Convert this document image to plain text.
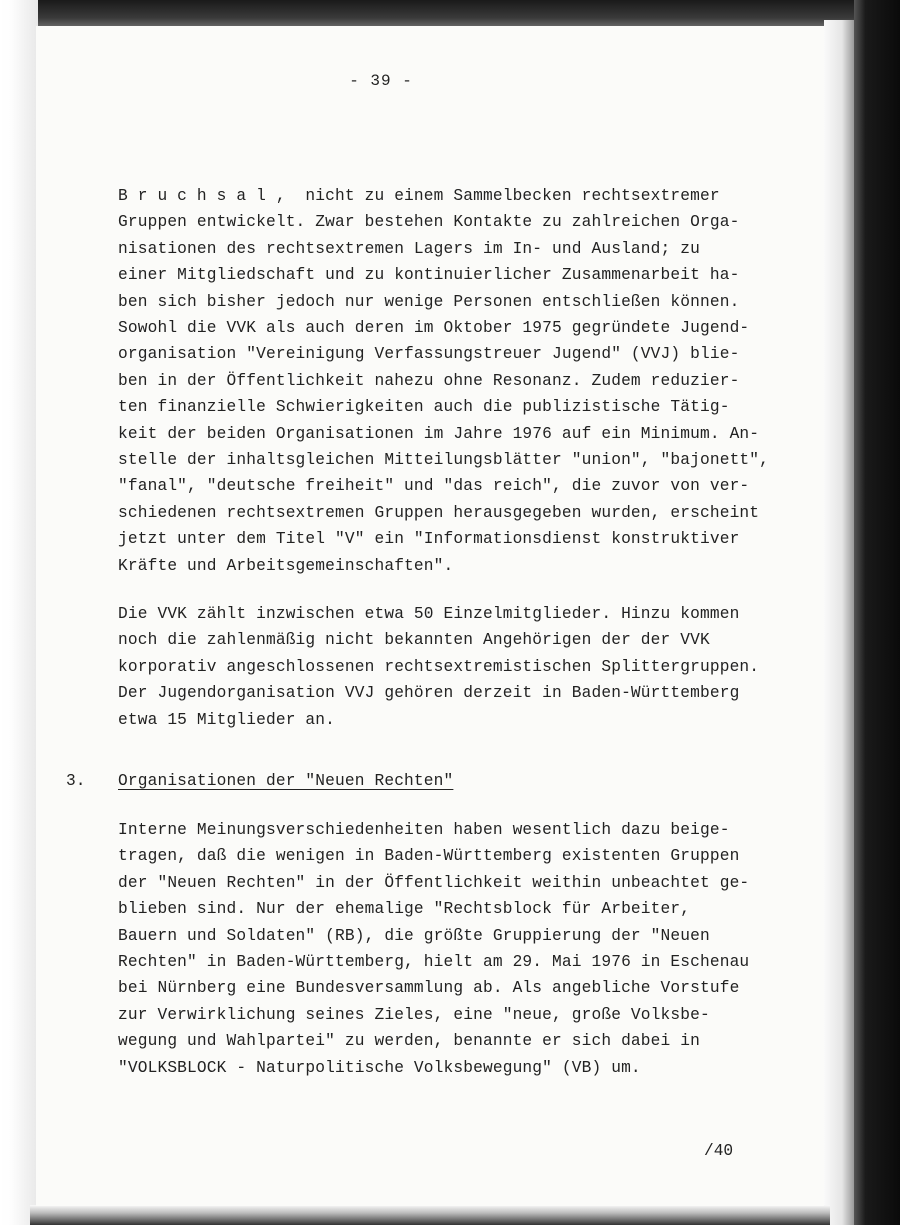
- 39 -
B r u c h s a l ,  nicht zu einem Sammelbecken rechtsextremer
Gruppen entwickelt. Zwar bestehen Kontakte zu zahlreichen Orga-
nisationen des rechtsextremen Lagers im In- und Ausland; zu
einer Mitgliedschaft und zu kontinuierlicher Zusammenarbeit ha-
ben sich bisher jedoch nur wenige Personen entschließen können.
Sowohl die VVK als auch deren im Oktober 1975 gegründete Jugend-
organisation "Vereinigung Verfassungstreuer Jugend" (VVJ) blie-
ben in der Öffentlichkeit nahezu ohne Resonanz. Zudem reduzier-
ten finanzielle Schwierigkeiten auch die publizistische Tätig-
keit der beiden Organisationen im Jahre 1976 auf ein Minimum. An-
stelle der inhaltsgleichen Mitteilungsblätter "union", "bajonett",
"fanal", "deutsche freiheit" und "das reich", die zuvor von ver-
schiedenen rechtsextremen Gruppen herausgegeben wurden, erscheint
jetzt unter dem Titel "V" ein "Informationsdienst konstruktiver
Kräfte und Arbeitsgemeinschaften".
Die VVK zählt inzwischen etwa 50 Einzelmitglieder. Hinzu kommen
noch die zahlenmäßig nicht bekannten Angehörigen der der VVK
korporativ angeschlossenen rechtsextremistischen Splittergruppen.
Der Jugendorganisation VVJ gehören derzeit in Baden-Württemberg
etwa 15 Mitglieder an.
3. Organisationen der "Neuen Rechten"
Interne Meinungsverschiedenheiten haben wesentlich dazu beige-
tragen, daß die wenigen in Baden-Württemberg existenten Gruppen
der "Neuen Rechten" in der Öffentlichkeit weithin unbeachtet ge-
blieben sind. Nur der ehemalige "Rechtsblock für Arbeiter,
Bauern und Soldaten" (RB), die größte Gruppierung der "Neuen
Rechten" in Baden-Württemberg, hielt am 29. Mai 1976 in Eschenau
bei Nürnberg eine Bundesversammlung ab. Als angebliche Vorstufe
zur Verwirklichung seines Zieles, eine "neue, große Volksbe-
wegung und Wahlpartei" zu werden, benannte er sich dabei in
"VOLKSBLOCK - Naturpolitische Volksbewegung" (VB) um.
/40
